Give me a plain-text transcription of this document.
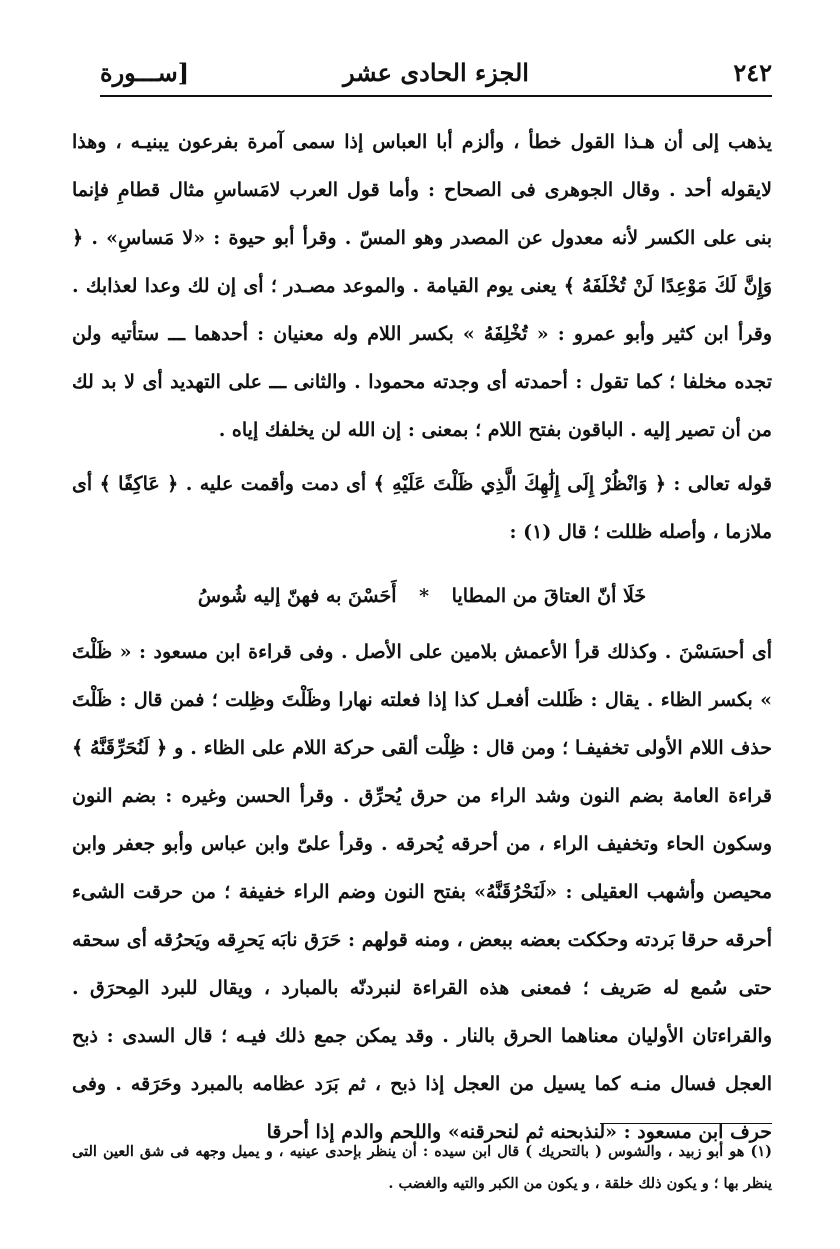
٢٤٢
الجزء الحادى عشر
[ســـورة

يذهب إلى أن هـذا القول خطأ ، وألزم أبا العباس إذا سمى آمرة بفرعون يبنيـه ، وهذا لايقوله أحد . وقال الجوهرى فى الصحاح : وأما قول العرب لامَساسِ مثال قطامِ فإنما بنى على الكسر لأنه معدول عن المصدر وهو المسّ . وقرأ أبو حيوة : «لا مَساسِ» . ﴿ وَإِنَّ لَكَ مَوْعِدًا لَنْ تُخْلَفَهُ ﴾ يعنى يوم القيامة . والموعد مصـدر ؛ أى إن لك وعدا لعذابك . وقرأ ابن كثير وأبو عمرو : « تُخْلِفَهُ » بكسر اللام وله معنيان : أحدهما ـــ ستأتيه ولن تجده مخلفا ؛ كما تقول : أحمدته أى وجدته محمودا . والثانى ـــ على التهديد أى لا بد لك من أن تصير إليه . الباقون بفتح اللام ؛ بمعنى : إن الله لن يخلفك إياه .

قوله تعالى : ﴿ وَانْظُرْ إِلَى إِلَٰهِكَ الَّذِي ظَلْتَ عَلَيْهِ ﴾ أى دمت وأقمت عليه . ﴿ عَاكِفًا ﴾ أى ملازما ، وأصله ظللت ؛ قال (١) :

خَلَا أنّ العتاقَ من المطايا * أَحَسْنَ به فهنّ إليه شُوسُ

أى أحسَسْنَ . وكذلك قرأ الأعمش بلامين على الأصل . وفى قراءة ابن مسعود : « ظَلْتَ » بكسر الظاء . يقال : ظَللت أفعـل كذا إذا فعلته نهارا وظَلْتَ وظِلت ؛ فمن قال : ظَلْتَ حذف اللام الأولى تخفيفـا ؛ ومن قال : ظِلْت ألقى حركة اللام على الظاء . و ﴿ لَنُحَرِّقَنَّهُ ﴾ قراءة العامة بضم النون وشد الراء من حرق يُحرِّق . وقرأ الحسن وغيره : بضم النون وسكون الحاء وتخفيف الراء ، من أحرقه يُحرقه . وقرأ علىّ وابن عباس وأبو جعفر وابن محيصن وأشهب العقيلى : «لَنَحْرُقَنَّهُ» بفتح النون وضم الراء خفيفة ؛ من حرقت الشىء أحرقه حرقا بَردته وحككت بعضه ببعض ، ومنه قولهم : حَرَق نابَه يَحرِقه ويَحرُقه أى سحقه حتى سُمع له صَريف ؛ فمعنى هذه القراءة لنبردنّه بالمبارد ، ويقال للبرد المِحرَق . والقراءتان الأوليان معناهما الحرق بالنار . وقد يمكن جمع ذلك فيـه ؛ قال السدى : ذبح العجل فسال منـه كما يسيل من العجل إذا ذبح ، ثم بَرَد عظامه بالمبرد وحَرَقه . وفى حرف ابن مسعود : «لنذبحنه ثم لنحرقنه» واللحم والدم إذا أحرقا

(١) هو أبو زبيد ، والشوس ( بالتحريك ) قال ابن سيده : أن ينظر بإحدى عينيه ، و يميل وجهه فى شق العين التى ينظر بها ؛ و يكون ذلك خلقة ، و يكون من الكبر والتيه والغضب .
